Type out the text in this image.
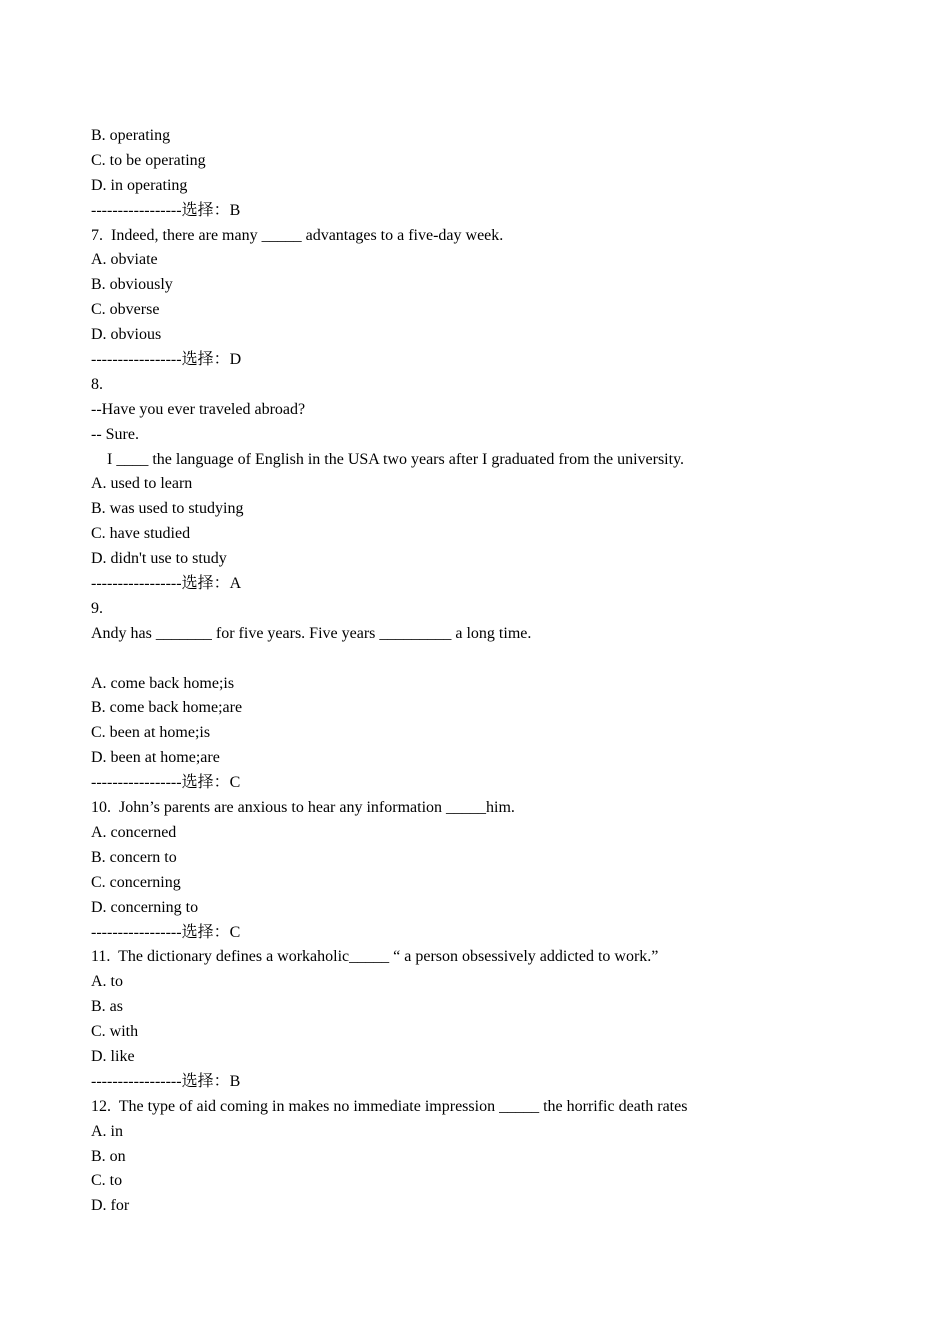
B. operating
C. to be operating
D. in operating
-----------------选择：B
7.  Indeed, there are many _____ advantages to a five-day week.
A. obviate
B. obviously
C. obverse
D. obvious
-----------------选择：D
8.
--Have you ever traveled abroad?
-- Sure.
I ____ the language of English in the USA two years after I graduated from the university.
A. used to learn
B. was used to studying
C. have studied
D. didn't use to study
-----------------选择：A
9.
Andy has _______ for five years. Five years _________ a long time.
A. come back home;is
B. come back home;are
C. been at home;is
D. been at home;are
-----------------选择：C
10.  John’s parents are anxious to hear any information _____him.
A. concerned
B. concern to
C. concerning
D. concerning to
-----------------选择：C
11.  The dictionary defines a workaholic_____ “ a person obsessively addicted to work.”
A. to
B. as
C. with
D. like
-----------------选择：B
12.  The type of aid coming in makes no immediate impression _____ the horrific death rates
A. in
B. on
C. to
D. for
